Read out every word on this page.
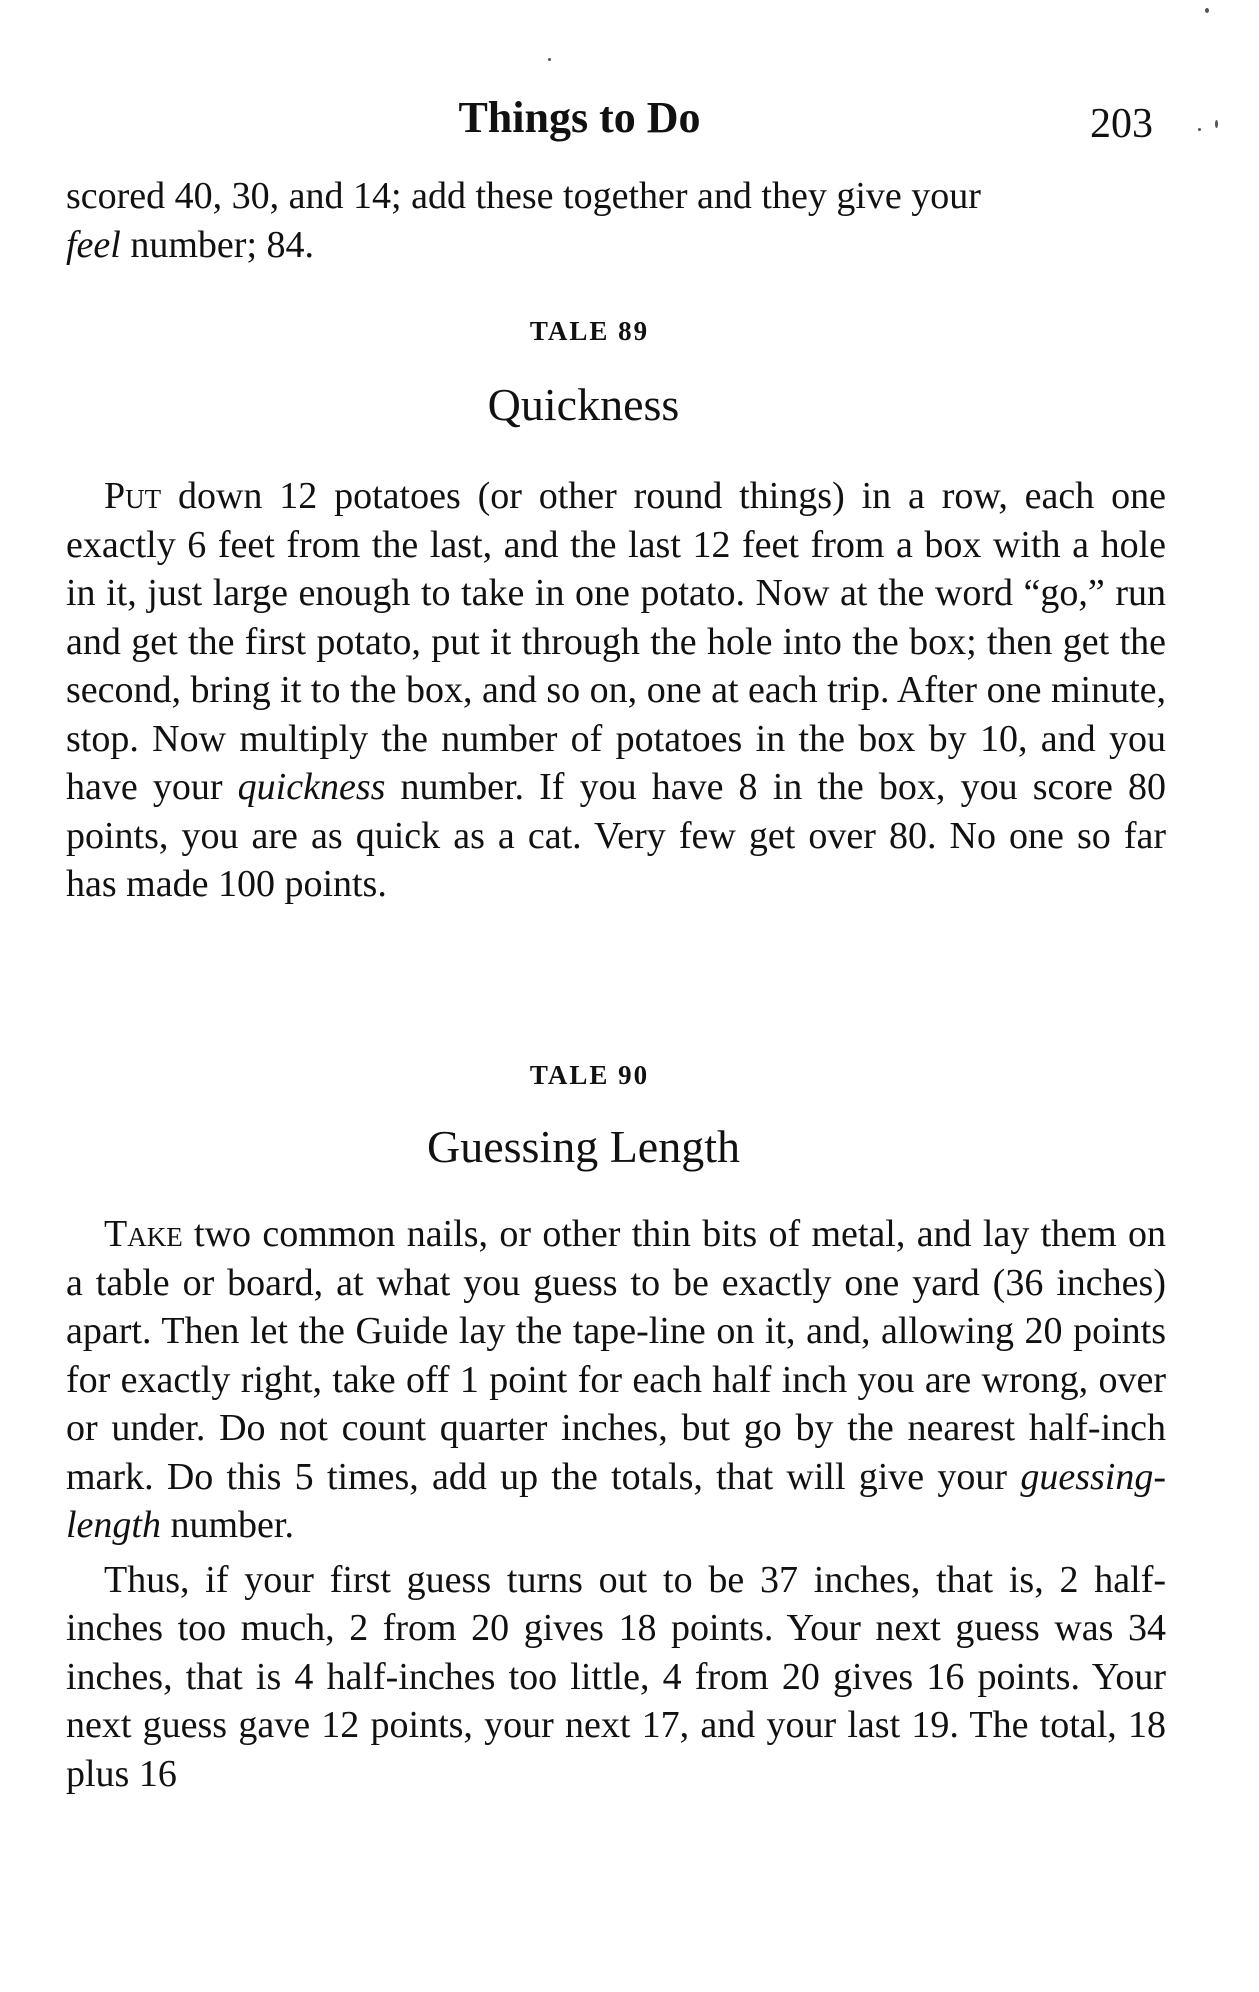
Things to Do	203

scored 40, 30, and 14; add these together and they give your
feel number; 84.

TALE 89
Quickness

Put down 12 potatoes (or other round things) in a row, each one exactly 6 feet from the last, and the last 12 feet from a box with a hole in it, just large enough to take in one potato. Now at the word “go,” run and get the first potato, put it through the hole into the box; then get the second, bring it to the box, and so on, one at each trip. After one minute, stop. Now multiply the number of potatoes in the box by 10, and you have your quickness number. If you have 8 in the box, you score 80 points, you are as quick as a cat. Very few get over 80. No one so far has made 100 points.

TALE 90
Guessing Length

Take two common nails, or other thin bits of metal, and lay them on a table or board, at what you guess to be exactly one yard (36 inches) apart. Then let the Guide lay the tape-line on it, and, allowing 20 points for exactly right, take off 1 point for each half inch you are wrong, over or under. Do not count quarter inches, but go by the nearest half-inch mark. Do this 5 times, add up the totals, that will give your guessing-length number.

Thus, if your first guess turns out to be 37 inches, that is, 2 half-inches too much, 2 from 20 gives 18 points. Your next guess was 34 inches, that is 4 half-inches too little, 4 from 20 gives 16 points. Your next guess gave 12 points, your next 17, and your last 19. The total, 18 plus 16
